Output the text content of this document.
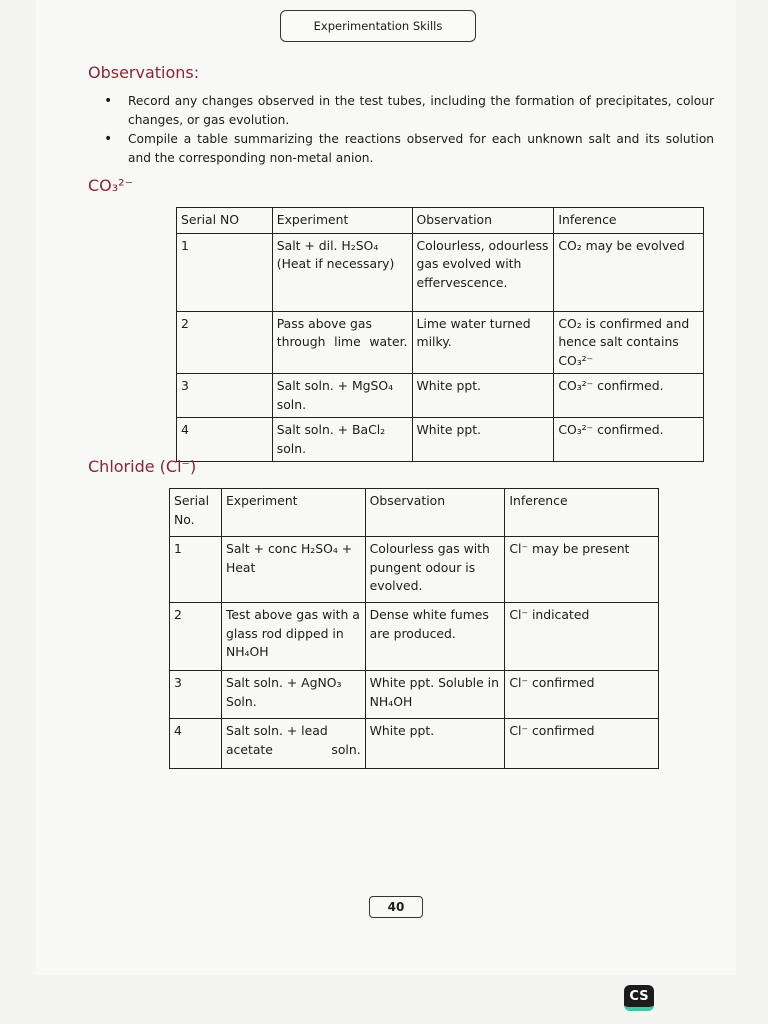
Experimentation Skills
Observations:
• Record any changes observed in the test tubes, including the formation of precipitates, colour changes, or gas evolution.
• Compile a table summarizing the reactions observed for each unknown salt and its solution and the corresponding non-metal anion.
CO₃²⁻
Serial NO	Experiment	Observation	Inference
1	Salt + dil. H₂SO₄ (Heat if necessary)	Colourless, odourless gas evolved with effervescence.	CO₂ may be evolved
2	Pass above gas through lime water.	Lime water turned milky.	CO₂ is confirmed and hence salt contains CO₃²⁻
3	Salt soln. + MgSO₄ soln.	White ppt.	CO₃²⁻ confirmed.
4	Salt soln. + BaCl₂ soln.	White ppt.	CO₃²⁻ confirmed.
Chloride (Cl⁻)
Serial No.	Experiment	Observation	Inference
1	Salt + conc H₂SO₄ + Heat	Colourless gas with pungent odour is evolved.	Cl⁻ may be present
2	Test above gas with a glass rod dipped in NH₄OH	Dense white fumes are produced.	Cl⁻ indicated
3	Salt soln. + AgNO₃ Soln.	White ppt. Soluble in NH₄OH	Cl⁻ confirmed
4	Salt soln. + lead acetate soln.	White ppt.	Cl⁻ confirmed
40
CS
